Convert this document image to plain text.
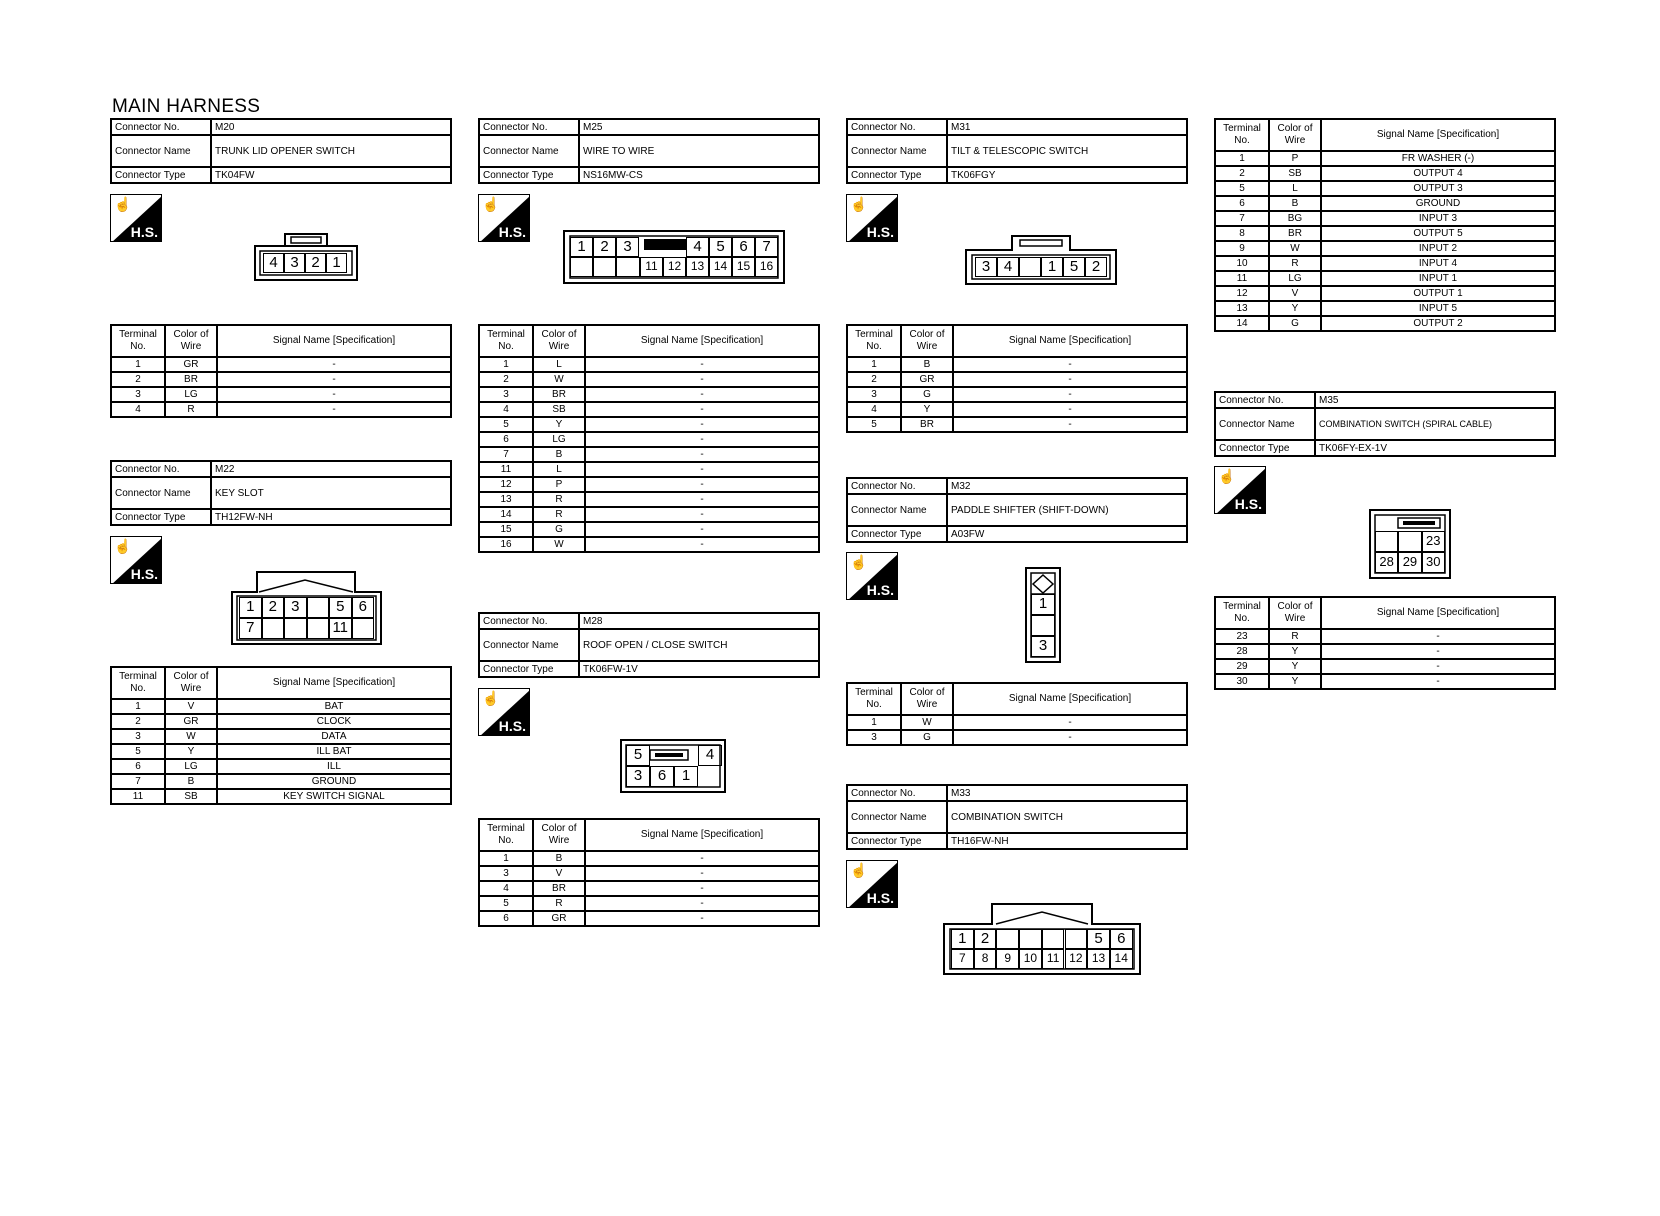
MAIN HARNESS
Connector No.	M20
Connector Name	TRUNK LID OPENER SWITCH
Connector Type	TK04FW
☝
H.S.
4 3 2 1
Terminal No.	Color of Wire	Signal Name [Specification]
1	GR	-
2	BR	-
3	LG	-
4	R	-
Connector No.	M22
Connector Name	KEY SLOT
Connector Type	TH12FW-NH
☝
H.S.
1 2 3	5 6
7	11
Terminal No.	Color of Wire	Signal Name [Specification]
1	V	BAT
2	GR	CLOCK
3	W	DATA
5	Y	ILL BAT
6	LG	ILL
7	B	GROUND
11	SB	KEY SWITCH SIGNAL
Connector No.	M25
Connector Name	WIRE TO WIRE
Connector Type	NS16MW-CS
☝
H.S.
1 2 3	4 5 6 7
11 12 13 14 15 16
Terminal No.	Color of Wire	Signal Name [Specification]
1	L	-
2	W	-
3	BR	-
4	SB	-
5	Y	-
6	LG	-
7	B	-
11	L	-
12	P	-
13	R	-
14	R	-
15	G	-
16	W	-
Connector No.	M28
Connector Name	ROOF OPEN / CLOSE SWITCH
Connector Type	TK06FW-1V
☝
H.S.
5	4
3	6	1
Terminal No.	Color of Wire	Signal Name [Specification]
1	B	-
3	V	-
4	BR	-
5	R	-
6	GR	-
Connector No.	M31
Connector Name	TILT & TELESCOPIC SWITCH
Connector Type	TK06FGY
☝
H.S.
3 4	1 5 2
Terminal No.	Color of Wire	Signal Name [Specification]
1	B	-
2	GR	-
3	G	-
4	Y	-
5	BR	-
Connector No.	M32
Connector Name	PADDLE SHIFTER (SHIFT-DOWN)
Connector Type	A03FW
☝
H.S.
1
3
Terminal No.	Color of Wire	Signal Name [Specification]
1	W	-
3	G	-
Connector No.	M33
Connector Name	COMBINATION SWITCH
Connector Type	TH16FW-NH
☝
H.S.
1 2	5 6
7	8	9	10 11 12 13 14
Terminal No.	Color of Wire	Signal Name [Specification]
1	P	FR WASHER (-)
2	SB	OUTPUT 4
5	L	OUTPUT 3
6	B	GROUND
7	BG	INPUT 3
8	BR	OUTPUT 5
9	W	INPUT 2
10	R	INPUT 4
11	LG	INPUT 1
12	V	OUTPUT 1
13	Y	INPUT 5
14	G	OUTPUT 2
Connector No.	M35
Connector Name	COMBINATION SWITCH (SPIRAL CABLE)
Connector Type	TK06FY-EX-1V
☝
H.S.
23
28 29 30
Terminal No.	Color of Wire	Signal Name [Specification]
23	R	-
28	Y	-
29	Y	-
30	Y	-
